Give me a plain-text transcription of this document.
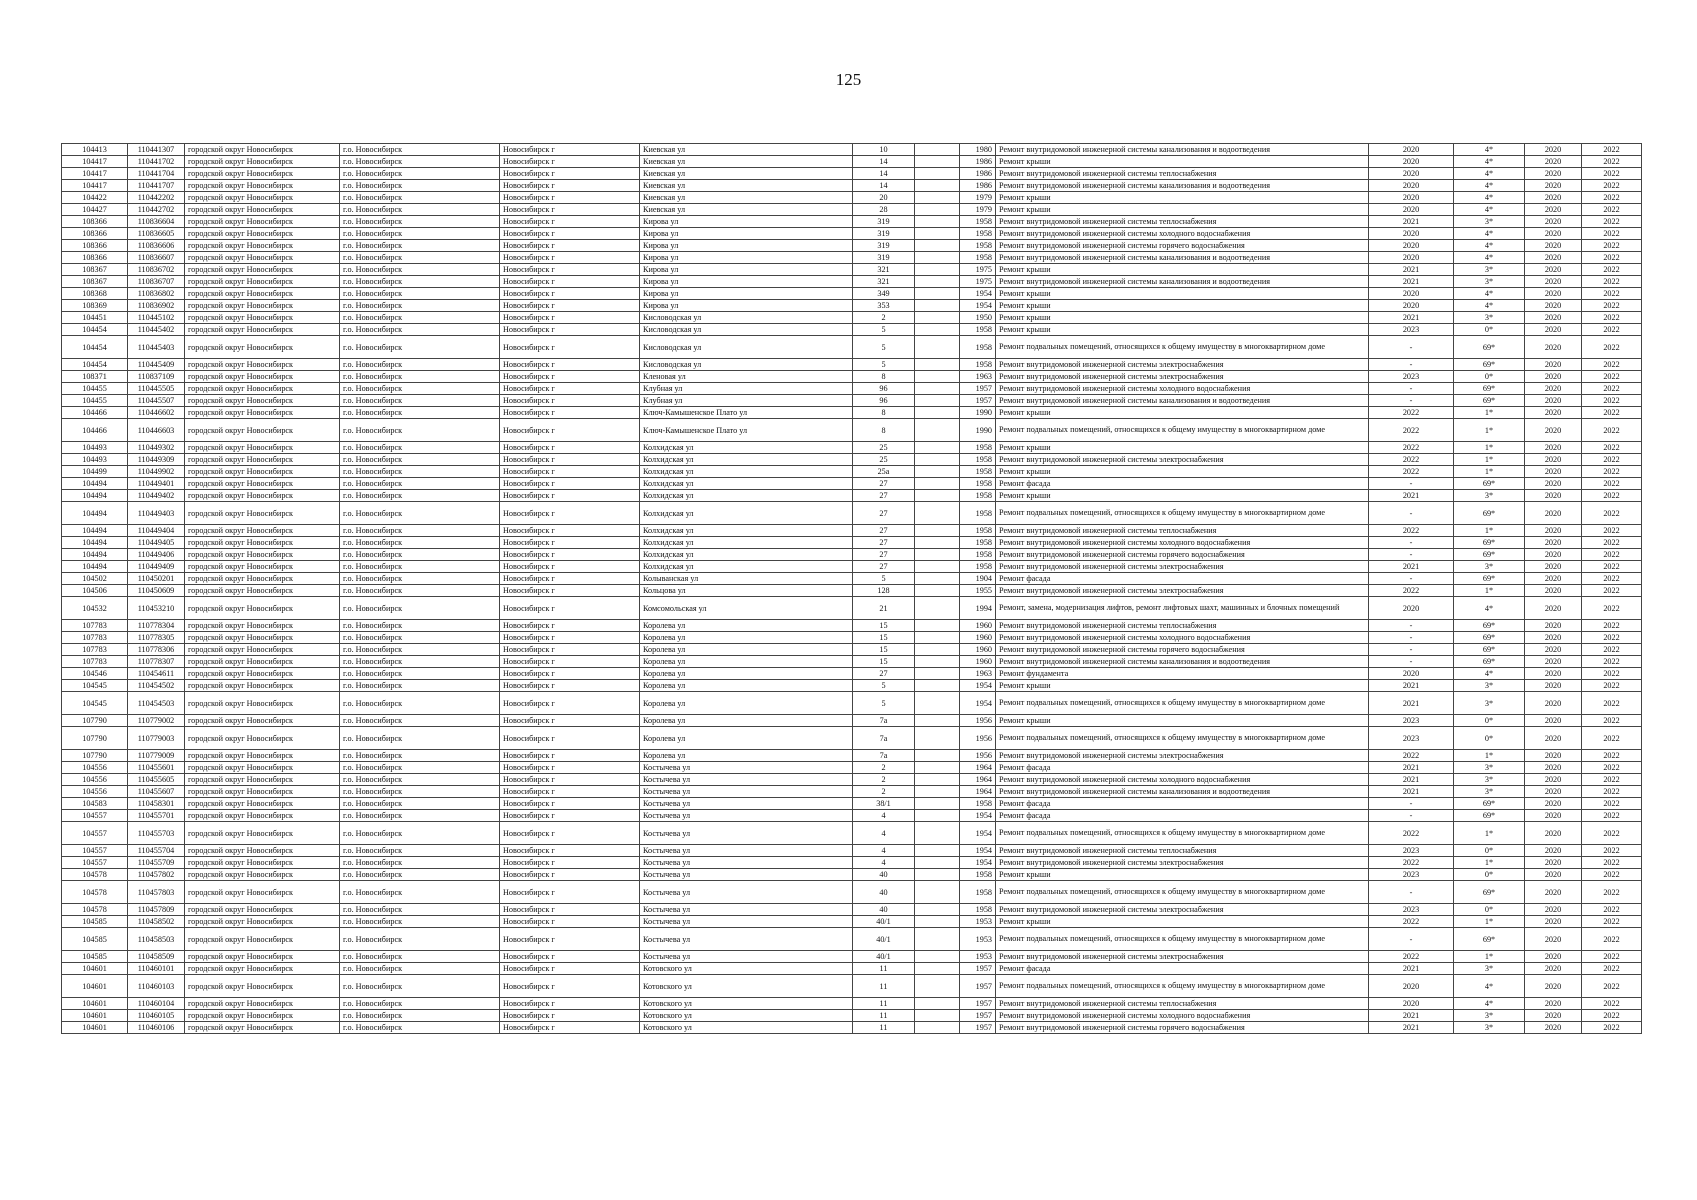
125
104413	110441307	городской округ Новосибирск	г.о. Новосибирск	Новосибирск г	Киевская ул	10		1980	Ремонт внутридомовой инженерной системы канализования и водоотведения	2020	4*	2020	2022
104417	110441702	городской округ Новосибирск	г.о. Новосибирск	Новосибирск г	Киевская ул	14		1986	Ремонт крыши	2020	4*	2020	2022
104417	110441704	городской округ Новосибирск	г.о. Новосибирск	Новосибирск г	Киевская ул	14		1986	Ремонт внутридомовой инженерной системы теплоснабжения	2020	4*	2020	2022
104417	110441707	городской округ Новосибирск	г.о. Новосибирск	Новосибирск г	Киевская ул	14		1986	Ремонт внутридомовой инженерной системы канализования и водоотведения	2020	4*	2020	2022
104422	110442202	городской округ Новосибирск	г.о. Новосибирск	Новосибирск г	Киевская ул	20		1979	Ремонт крыши	2020	4*	2020	2022
104427	110442702	городской округ Новосибирск	г.о. Новосибирск	Новосибирск г	Киевская ул	28		1979	Ремонт крыши	2020	4*	2020	2022
108366	110836604	городской округ Новосибирск	г.о. Новосибирск	Новосибирск г	Кирова ул	319		1958	Ремонт внутридомовой инженерной системы теплоснабжения	2021	3*	2020	2022
108366	110836605	городской округ Новосибирск	г.о. Новосибирск	Новосибирск г	Кирова ул	319		1958	Ремонт внутридомовой инженерной системы холодного водоснабжения	2020	4*	2020	2022
108366	110836606	городской округ Новосибирск	г.о. Новосибирск	Новосибирск г	Кирова ул	319		1958	Ремонт внутридомовой инженерной системы горячего водоснабжения	2020	4*	2020	2022
108366	110836607	городской округ Новосибирск	г.о. Новосибирск	Новосибирск г	Кирова ул	319		1958	Ремонт внутридомовой инженерной системы канализования и водоотведения	2020	4*	2020	2022
108367	110836702	городской округ Новосибирск	г.о. Новосибирск	Новосибирск г	Кирова ул	321		1975	Ремонт крыши	2021	3*	2020	2022
108367	110836707	городской округ Новосибирск	г.о. Новосибирск	Новосибирск г	Кирова ул	321		1975	Ремонт внутридомовой инженерной системы канализования и водоотведения	2021	3*	2020	2022
108368	110836802	городской округ Новосибирск	г.о. Новосибирск	Новосибирск г	Кирова ул	349		1954	Ремонт крыши	2020	4*	2020	2022
108369	110836902	городской округ Новосибирск	г.о. Новосибирск	Новосибирск г	Кирова ул	353		1954	Ремонт крыши	2020	4*	2020	2022
104451	110445102	городской округ Новосибирск	г.о. Новосибирск	Новосибирск г	Кисловодская ул	2		1950	Ремонт крыши	2021	3*	2020	2022
104454	110445402	городской округ Новосибирск	г.о. Новосибирск	Новосибирск г	Кисловодская ул	5		1958	Ремонт крыши	2023	0*	2020	2022
104454	110445403	городской округ Новосибирск	г.о. Новосибирск	Новосибирск г	Кисловодская ул	5		1958	Ремонт подвальных помещений, относящихся к общему имуществу в многоквартирном доме	-	69*	2020	2022
104454	110445409	городской округ Новосибирск	г.о. Новосибирск	Новосибирск г	Кисловодская ул	5		1958	Ремонт внутридомовой инженерной системы электроснабжения	-	69*	2020	2022
108371	110837109	городской округ Новосибирск	г.о. Новосибирск	Новосибирск г	Кленовая ул	8		1963	Ремонт внутридомовой инженерной системы электроснабжения	2023	0*	2020	2022
104455	110445505	городской округ Новосибирск	г.о. Новосибирск	Новосибирск г	Клубная ул	96		1957	Ремонт внутридомовой инженерной системы холодного водоснабжения	-	69*	2020	2022
104455	110445507	городской округ Новосибирск	г.о. Новосибирск	Новосибирск г	Клубная ул	96		1957	Ремонт внутридомовой инженерной системы канализования и водоотведения	-	69*	2020	2022
104466	110446602	городской округ Новосибирск	г.о. Новосибирск	Новосибирск г	Ключ-Камышенское Плато ул	8		1990	Ремонт крыши	2022	1*	2020	2022
104466	110446603	городской округ Новосибирск	г.о. Новосибирск	Новосибирск г	Ключ-Камышенское Плато ул	8		1990	Ремонт подвальных помещений, относящихся к общему имуществу в многоквартирном доме	2022	1*	2020	2022
104493	110449302	городской округ Новосибирск	г.о. Новосибирск	Новосибирск г	Колхидская ул	25		1958	Ремонт крыши	2022	1*	2020	2022
104493	110449309	городской округ Новосибирск	г.о. Новосибирск	Новосибирск г	Колхидская ул	25		1958	Ремонт внутридомовой инженерной системы электроснабжения	2022	1*	2020	2022
104499	110449902	городской округ Новосибирск	г.о. Новосибирск	Новосибирск г	Колхидская ул	25а		1958	Ремонт крыши	2022	1*	2020	2022
104494	110449401	городской округ Новосибирск	г.о. Новосибирск	Новосибирск г	Колхидская ул	27		1958	Ремонт фасада	-	69*	2020	2022
104494	110449402	городской округ Новосибирск	г.о. Новосибирск	Новосибирск г	Колхидская ул	27		1958	Ремонт крыши	2021	3*	2020	2022
104494	110449403	городской округ Новосибирск	г.о. Новосибирск	Новосибирск г	Колхидская ул	27		1958	Ремонт подвальных помещений, относящихся к общему имуществу в многоквартирном доме	-	69*	2020	2022
104494	110449404	городской округ Новосибирск	г.о. Новосибирск	Новосибирск г	Колхидская ул	27		1958	Ремонт внутридомовой инженерной системы теплоснабжения	2022	1*	2020	2022
104494	110449405	городской округ Новосибирск	г.о. Новосибирск	Новосибирск г	Колхидская ул	27		1958	Ремонт внутридомовой инженерной системы холодного водоснабжения	-	69*	2020	2022
104494	110449406	городской округ Новосибирск	г.о. Новосибирск	Новосибирск г	Колхидская ул	27		1958	Ремонт внутридомовой инженерной системы горячего водоснабжения	-	69*	2020	2022
104494	110449409	городской округ Новосибирск	г.о. Новосибирск	Новосибирск г	Колхидская ул	27		1958	Ремонт внутридомовой инженерной системы электроснабжения	2021	3*	2020	2022
104502	110450201	городской округ Новосибирск	г.о. Новосибирск	Новосибирск г	Колыванская ул	5		1904	Ремонт фасада	-	69*	2020	2022
104506	110450609	городской округ Новосибирск	г.о. Новосибирск	Новосибирск г	Кольцова ул	128		1955	Ремонт внутридомовой инженерной системы электроснабжения	2022	1*	2020	2022
104532	110453210	городской округ Новосибирск	г.о. Новосибирск	Новосибирск г	Комсомольская ул	21		1994	Ремонт, замена, модернизация лифтов, ремонт лифтовых шахт, машинных и блочных помещений	2020	4*	2020	2022
107783	110778304	городской округ Новосибирск	г.о. Новосибирск	Новосибирск г	Королева ул	15		1960	Ремонт внутридомовой инженерной системы теплоснабжения	-	69*	2020	2022
107783	110778305	городской округ Новосибирск	г.о. Новосибирск	Новосибирск г	Королева ул	15		1960	Ремонт внутридомовой инженерной системы холодного водоснабжения	-	69*	2020	2022
107783	110778306	городской округ Новосибирск	г.о. Новосибирск	Новосибирск г	Королева ул	15		1960	Ремонт внутридомовой инженерной системы горячего водоснабжения	-	69*	2020	2022
107783	110778307	городской округ Новосибирск	г.о. Новосибирск	Новосибирск г	Королева ул	15		1960	Ремонт внутридомовой инженерной системы канализования и водоотведения	-	69*	2020	2022
104546	110454611	городской округ Новосибирск	г.о. Новосибирск	Новосибирск г	Королева ул	27		1963	Ремонт фундамента	2020	4*	2020	2022
104545	110454502	городской округ Новосибирск	г.о. Новосибирск	Новосибирск г	Королева ул	5		1954	Ремонт крыши	2021	3*	2020	2022
104545	110454503	городской округ Новосибирск	г.о. Новосибирск	Новосибирск г	Королева ул	5		1954	Ремонт подвальных помещений, относящихся к общему имуществу в многоквартирном доме	2021	3*	2020	2022
107790	110779002	городской округ Новосибирск	г.о. Новосибирск	Новосибирск г	Королева ул	7а		1956	Ремонт крыши	2023	0*	2020	2022
107790	110779003	городской округ Новосибирск	г.о. Новосибирск	Новосибирск г	Королева ул	7а		1956	Ремонт подвальных помещений, относящихся к общему имуществу в многоквартирном доме	2023	0*	2020	2022
107790	110779009	городской округ Новосибирск	г.о. Новосибирск	Новосибирск г	Королева ул	7а		1956	Ремонт внутридомовой инженерной системы электроснабжения	2022	1*	2020	2022
104556	110455601	городской округ Новосибирск	г.о. Новосибирск	Новосибирск г	Костычева ул	2		1964	Ремонт фасада	2021	3*	2020	2022
104556	110455605	городской округ Новосибирск	г.о. Новосибирск	Новосибирск г	Костычева ул	2		1964	Ремонт внутридомовой инженерной системы холодного водоснабжения	2021	3*	2020	2022
104556	110455607	городской округ Новосибирск	г.о. Новосибирск	Новосибирск г	Костычева ул	2		1964	Ремонт внутридомовой инженерной системы канализования и водоотведения	2021	3*	2020	2022
104583	110458301	городской округ Новосибирск	г.о. Новосибирск	Новосибирск г	Костычева ул	38/1		1958	Ремонт фасада	-	69*	2020	2022
104557	110455701	городской округ Новосибирск	г.о. Новосибирск	Новосибирск г	Костычева ул	4		1954	Ремонт фасада	-	69*	2020	2022
104557	110455703	городской округ Новосибирск	г.о. Новосибирск	Новосибирск г	Костычева ул	4		1954	Ремонт подвальных помещений, относящихся к общему имуществу в многоквартирном доме	2022	1*	2020	2022
104557	110455704	городской округ Новосибирск	г.о. Новосибирск	Новосибирск г	Костычева ул	4		1954	Ремонт внутридомовой инженерной системы теплоснабжения	2023	0*	2020	2022
104557	110455709	городской округ Новосибирск	г.о. Новосибирск	Новосибирск г	Костычева ул	4		1954	Ремонт внутридомовой инженерной системы электроснабжения	2022	1*	2020	2022
104578	110457802	городской округ Новосибирск	г.о. Новосибирск	Новосибирск г	Костычева ул	40		1958	Ремонт крыши	2023	0*	2020	2022
104578	110457803	городской округ Новосибирск	г.о. Новосибирск	Новосибирск г	Костычева ул	40		1958	Ремонт подвальных помещений, относящихся к общему имуществу в многоквартирном доме	-	69*	2020	2022
104578	110457809	городской округ Новосибирск	г.о. Новосибирск	Новосибирск г	Костычева ул	40		1958	Ремонт внутридомовой инженерной системы электроснабжения	2023	0*	2020	2022
104585	110458502	городской округ Новосибирск	г.о. Новосибирск	Новосибирск г	Костычева ул	40/1		1953	Ремонт крыши	2022	1*	2020	2022
104585	110458503	городской округ Новосибирск	г.о. Новосибирск	Новосибирск г	Костычева ул	40/1		1953	Ремонт подвальных помещений, относящихся к общему имуществу в многоквартирном доме	-	69*	2020	2022
104585	110458509	городской округ Новосибирск	г.о. Новосибирск	Новосибирск г	Костычева ул	40/1		1953	Ремонт внутридомовой инженерной системы электроснабжения	2022	1*	2020	2022
104601	110460101	городской округ Новосибирск	г.о. Новосибирск	Новосибирск г	Котовского ул	11		1957	Ремонт фасада	2021	3*	2020	2022
104601	110460103	городской округ Новосибирск	г.о. Новосибирск	Новосибирск г	Котовского ул	11		1957	Ремонт подвальных помещений, относящихся к общему имуществу в многоквартирном доме	2020	4*	2020	2022
104601	110460104	городской округ Новосибирск	г.о. Новосибирск	Новосибирск г	Котовского ул	11		1957	Ремонт внутридомовой инженерной системы теплоснабжения	2020	4*	2020	2022
104601	110460105	городской округ Новосибирск	г.о. Новосибирск	Новосибирск г	Котовского ул	11		1957	Ремонт внутридомовой инженерной системы холодного водоснабжения	2021	3*	2020	2022
104601	110460106	городской округ Новосибирск	г.о. Новосибирск	Новосибирск г	Котовского ул	11		1957	Ремонт внутридомовой инженерной системы горячего водоснабжения	2021	3*	2020	2022
